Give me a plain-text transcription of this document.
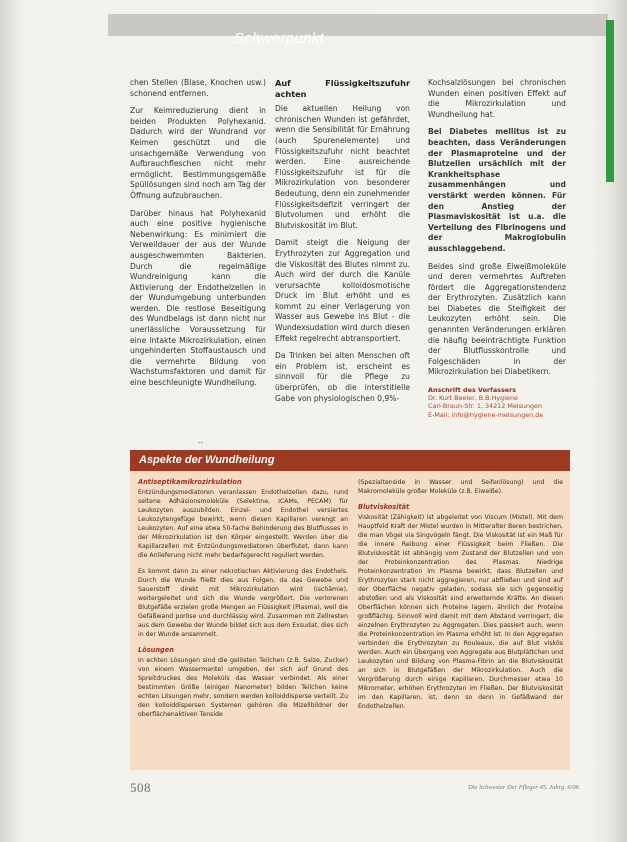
Schwerpunkt

chen Stellen (Blase, Knochen usw.) schonend entfernen.

Zur Keimreduzierung dient in beiden Produkten Polyhexanid. Dadurch wird der Wundrand vor Keimen geschützt und die unsachgemäße Verwendung von Aufbrauchfleschen nicht mehr ermöglicht. Bestimmungsgemäße Spüllösungen sind noch am Tag der Öffnung aufzubrauchen.

Darüber hinaus hat Polyhexanid auch eine positive hygienische Nebenwirkung: Es minimiert die Verweildauer der aus der Wunde ausgeschwemmten Bakterien. Durch die regelmäßige Wundreinigung kann die Aktivierung der Endothelzellen in der Wundumgebung unterbunden werden. Die restlose Beseitigung des Wundbelags ist dann nicht nur unerlässliche Voraussetzung für eine intakte Mikrozirkulation, einen ungehinderten Stoffaustausch und die vermehrte Bildung von Wachstumsfaktoren und damit für eine beschleunigte Wundheilung.

Auf Flüssigkeitszufuhr achten

Die aktuellen Heilung von chronischen Wunden ist gefährdet, wenn die Sensibilität für Ernährung (auch Spurenelemente) und Flüssigkeitszufuhr nicht beachtet werden. Eine ausreichende Flüssigkeitszufuhr ist für die Mikrozirkulation von besonderer Bedeutung, denn ein zunehmender Flüssigkeitsdefizit verringert der Blutvolumen und erhöht die Blutviskosität im Blut.

Damit steigt die Neigung der Erythrozyten zur Aggregation und die Viskosität des Blutes nimmt zu. Auch wird der durch die Kanüle verursachte kolloidosmotische Druck im Blut erhöht und es kommt zu einer Verlagerung von Wasser aus Gewebe ins Blut - die Wundexsudation wird durch diesen Effekt regelrecht abtransportiert.

Da Trinken bei alten Menschen oft ein Problem ist, erscheint es sinnvoll für die Pflege zu überprüfen, ob die interstitielle Gabe von physiologischen 0,9%-

Kochsalzlösungen bei chronischen Wunden einen positiven Effekt auf die Mikrozirkulation und Wundheilung hat.

Bei Diabetes mellitus ist zu beachten, dass Veränderungen der Plasmaproteine und der Blutzellen ursächlich mit der Krankheitsphase zusammenhängen und verstärkt werden können. Für den Anstieg der Plasmaviskosität ist u.a. die Verteilung des Fibrinogens und der Makroglobulin ausschlaggebend.

Beides sind große Eiweißmoleküle und deren vermehrtes Auftreten fördert die Aggregationstendenz der Erythrozyten. Zusätzlich kann bei Diabetes die Steifigkeit der Leukozyten erhöht sein. Die genannten Veränderungen erklären die häufig beeinträchtigte Funktion der Blutflusskontrolle und Folgeschäden in der Mikrozirkulation bei Diabetikern.

Anschrift des Verfassers
Dr. Kurt Beeler, B.B.Hygiene
Carl-Braun-Str. 1, 34212 Melsungen
E-Mail: info@hygiene-melsungen.de
--
Aspekte der Wundheilung
Antiseptikamikrozirkulation

Entzündungsmediatoren veranlassen Endothelzellen dazu, rund seltene Adhäsionsmoleküle (Selektine, ICAMs, PECAM) für Leukozyten auszubilden. Einzel- und Endothel versiertes Leukozytengefüge bewirkt, wenn diesen Kapillaren verengt an Leukozyten. Auf eine etwa 50-fache Behinderung des Blutflusses in der Mikrozirkulation ist den Körper eingestellt. Werden über die Kapillarzellen mit Entzündungsmediatoren überflutet, dann kann die Anlieferung nicht mehr bedarfsgerecht reguliert werden.

Es kommt dann zu einer nekrotischen Aktivierung des Endothels. Durch die Wunde fließt dies aus Folgen, da das Gewebe und Sauerstoff direkt mit Mikrozirkulation wird (ischämie), weitergeleitet und sich die Wunde vergrößert. Die verlorenen Blutgefäße erzielen große Mengen an Flüssigkeit (Plasma), weil die Gefäßwand poröse und durchlässig wird. Zusammen mit Zellresten aus dem Gewebe der Wunde bildet sich aus dem Exsudat, dies sich in der Wunde ansammelt.

Lösungen

In echten Lösungen sind die gelösten Teilchen (z.B. Salze, Zucker) von einem Wassermantel umgeben, der sich auf Grund des Spreitdruckes des Moleküls das Wasser verbindet. Als einer bestimmten Größe (einigen Nanometer) bilden Teilchen keine echten Lösungen mehr, sondern werden kolloiddisperse verteilt. Zu den kolloiddispersen Systemen gehören die Mizellbildner der oberflächenaktiven Tenside

(Spezialtenside in Wasser und Seifenlösung) und die Makromoleküle großer Moleküle (z.B. Eiweiße).

Blutviskosität

Viskosität (Zähigkeit) ist abgeleitet von Viscum (Mistel). Mit dem Hauptfeld Kraft der Mistel wurden in Mitteralter Beren bestrichen, die man Vögel via Singvögeln fängt. Die Viskosität ist ein Maß für die innere Reibung einer Flüssigkeit beim Fließen. Die Blutviskosität ist abhängig vom Zustand der Blutzellen und von der Proteinkonzentration des Plasmas. Niedrige Proteinkonzentration im Plasma bewirkt, dass Blutzellen und Erythrozyten stark nicht aggregieren, nur abfließen und sind auf der Oberfläche negativ geladen, sodass sie sich gegenseitig abstoßen und als Viskosität sind erweiternde Kräfte. An diesen Oberflächen können sich Proteine lagern, ähnlich der Proteine großflächig. Sinnvoll wird damit mit dem Abstand verringert, die einzelnen Erythrozyten zu Aggregaten. Dies passiert auch, wenn die Proteinkonzentration im Plasma erhöht ist. In den Aggregaten verbinden die Erythrozyten zu Rouleaux, die auf Blut viskös werden. Auch ein Übergang von Aggregate aus Blutplättchen und Leukozyten und Bildung von Plasma-Fibrin an die Blutviskosität an sich in Blutgefäßen der Mikrozirkulation. Auch die Vergrößerung durch einige Kapillaren, Durchmesser etwa 10 Mikrometer, erhöhen Erythrozyten im Fließen. Der Blutviskosität im den Kapillaren, ist, denn so denn in Gefäßwand der Endothelzellen.

508	Die Schwester Der Pfleger 45. Jahrg. 6/06
